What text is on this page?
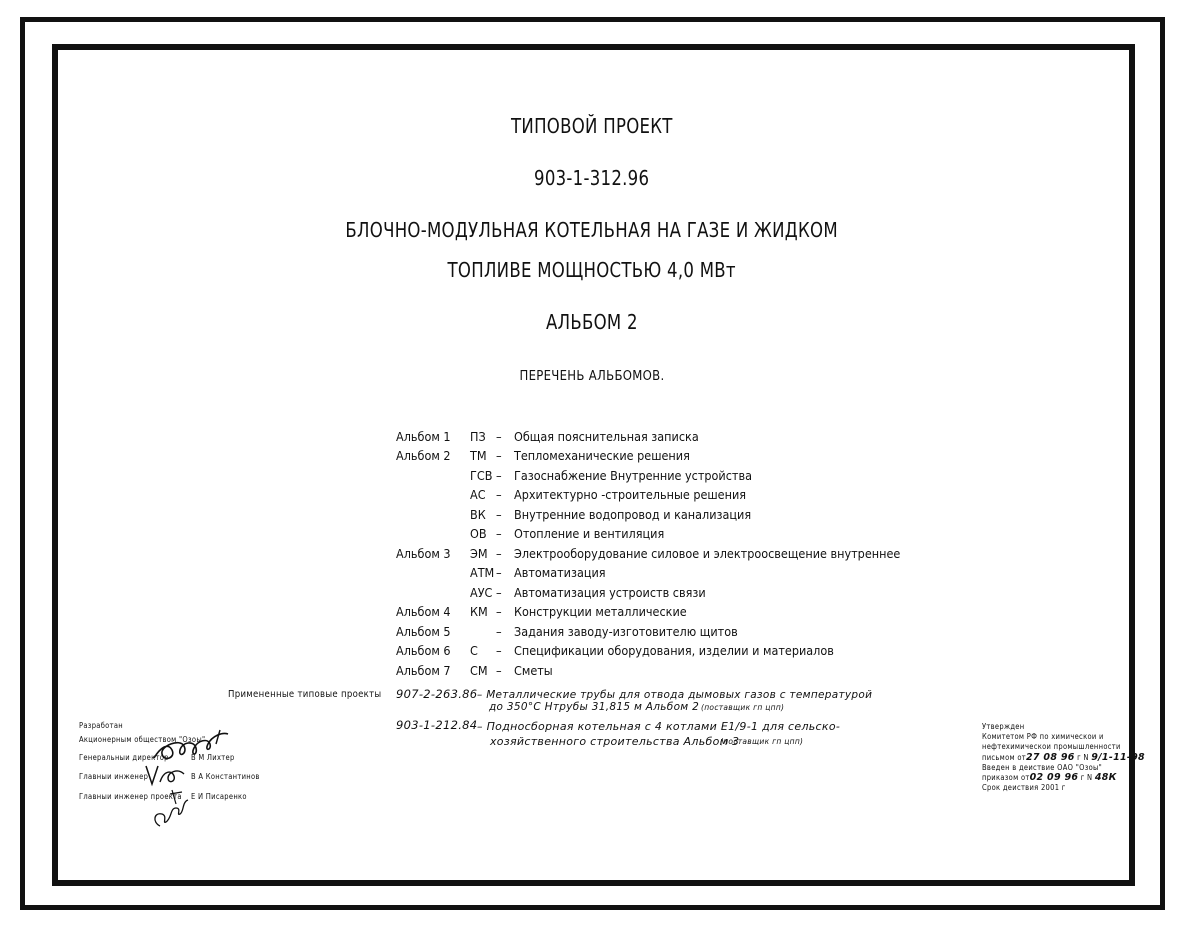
ТИПОВОЙ ПРОЕКТ
903-1-312.96
БЛОЧНО-МОДУЛЬНАЯ КОТЕЛЬНАЯ НА ГАЗЕ И ЖИДКОМ
ТОПЛИВЕ МОЩНОСТЬЮ 4,0 МВт
АЛЬБОМ 2
ПЕРЕЧЕНЬ АЛЬБОМОВ.
Альбом 1 ПЗ – Общая пояснительная записка
Альбом 2 ТМ – Тепломеханические решения
ГСВ – Газоснабжение Внутренние устройства
АС – Архитектурно -строительные решения
ВК – Внутренние водопровод и канализация
ОВ – Отопление и вентиляция
Альбом 3 ЭМ – Электрооборудование силовое и электроосвещение внутреннее
АТМ – Автоматизация
АУС – Автоматизация устроиств связи
Альбом 4 КМ – Конструкции металлические
Альбом 5	– Задания заводу-изготовителю щитов
Альбом 6 С – Спецификации оборудования, изделии и материалов
Альбом 7 СМ – Сметы
Примененные типовые проекты 907-2-263.86 – Металлические трубы для отвода дымовых газов с температурой
до 350°С Нтрубы 31,815 м Альбом 2 (поставщик гп цпп)
903-1-212.84 – Подносборная котельная с 4 котлами Е1/9-1 для сельско-
хозяйственного строительства Альбом 3
(поставщик гп цпп)
Разработан
Акционерным обществом "Озоы"
Генеральныи директор	В М Лихтер
Главныи инженер	В А Константинов
Главныи инженер проекта Е И Писаренко
Утвержден
Комитетом РФ по химическои и
нефтехимическои промышленности
письмом от27 08 96 г N 9/1-11-98
Введен в деиствие ОАО "Озоы"
приказом от02 09 96 г N 48К
Срок деиствия 2001 г
